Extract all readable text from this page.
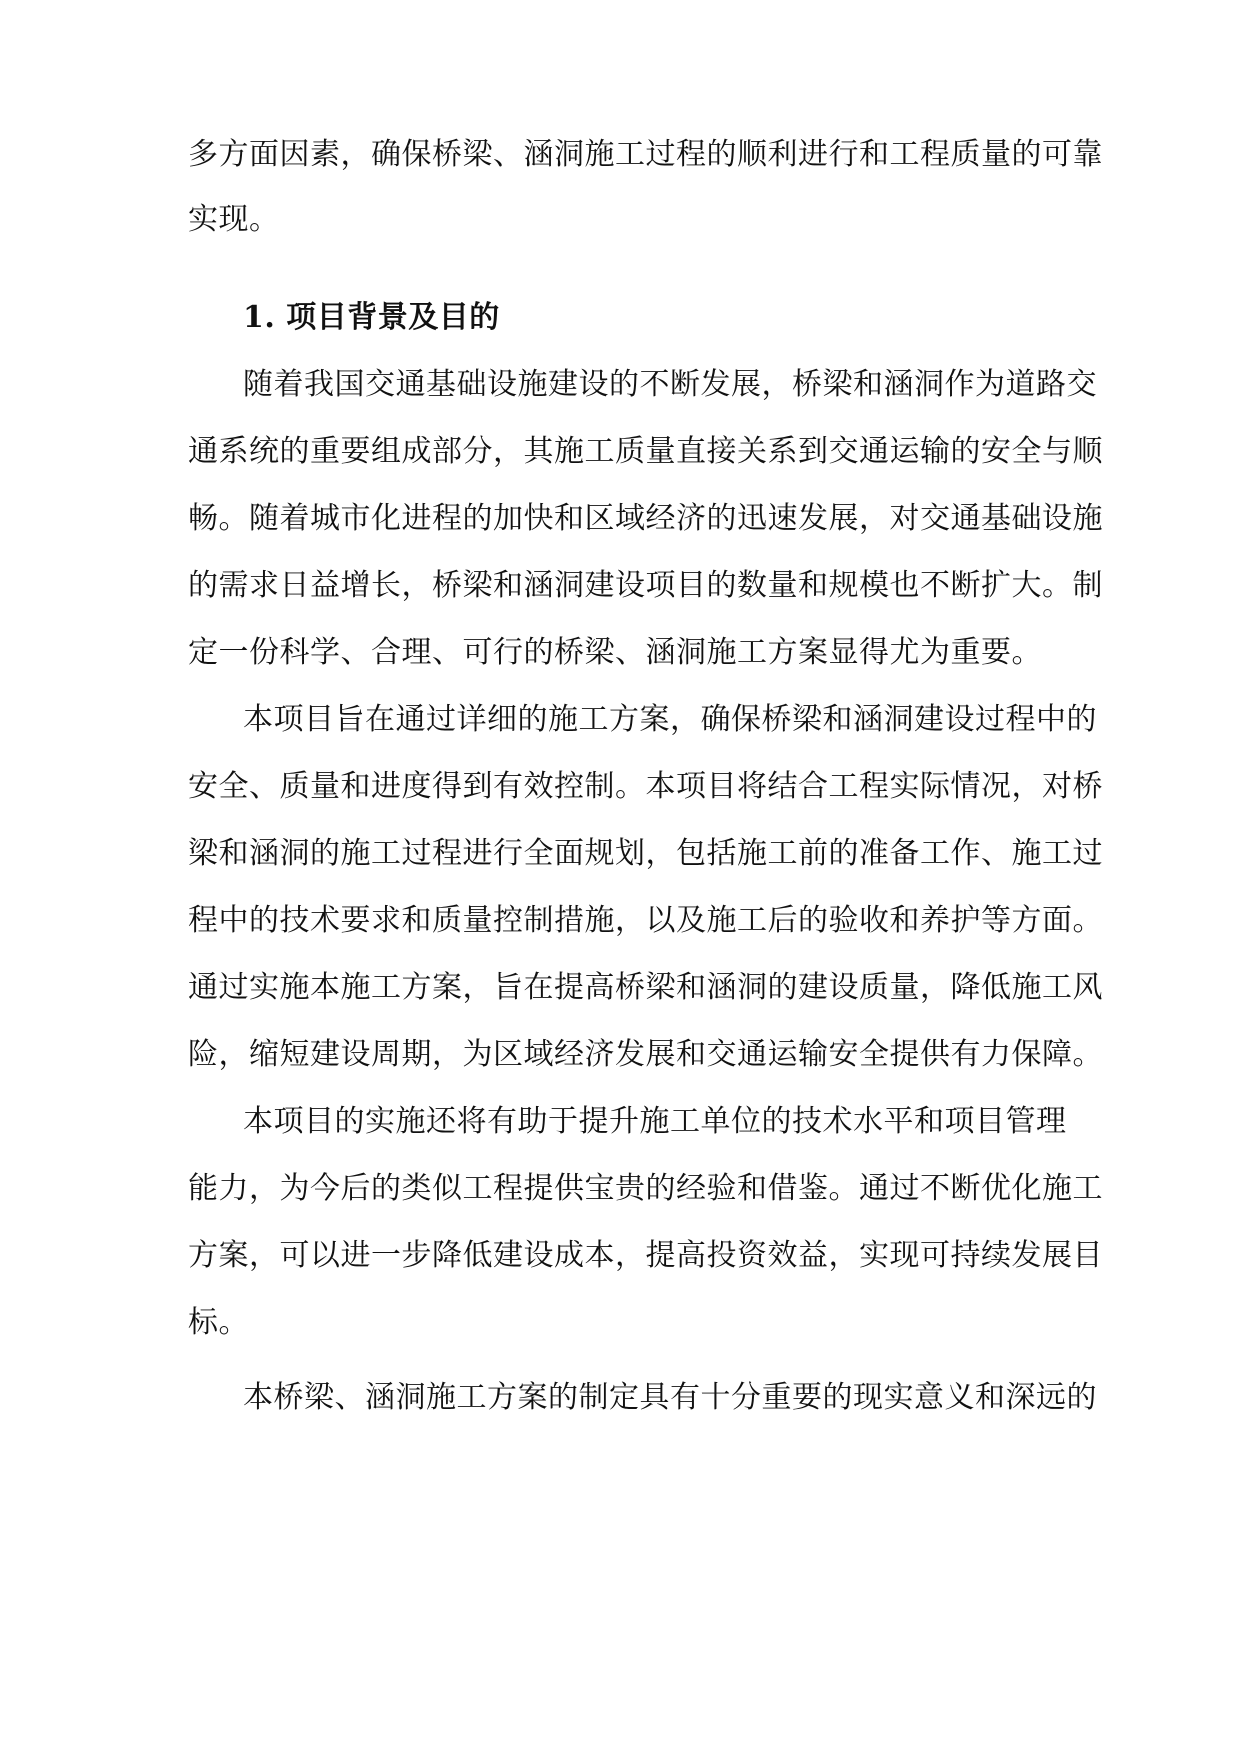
多方面因素，确保桥梁、涵洞施工过程的顺利进行和工程质量的可靠
实现。
1. 项目背景及目的
随着我国交通基础设施建设的不断发展，桥梁和涵洞作为道路交
通系统的重要组成部分，其施工质量直接关系到交通运输的安全与顺
畅。随着城市化进程的加快和区域经济的迅速发展，对交通基础设施
的需求日益增长，桥梁和涵洞建设项目的数量和规模也不断扩大。制
定一份科学、合理、可行的桥梁、涵洞施工方案显得尤为重要。
本项目旨在通过详细的施工方案，确保桥梁和涵洞建设过程中的
安全、质量和进度得到有效控制。本项目将结合工程实际情况，对桥
梁和涵洞的施工过程进行全面规划，包括施工前的准备工作、施工过
程中的技术要求和质量控制措施，以及施工后的验收和养护等方面。
通过实施本施工方案，旨在提高桥梁和涵洞的建设质量，降低施工风
险，缩短建设周期，为区域经济发展和交通运输安全提供有力保障。
本项目的实施还将有助于提升施工单位的技术水平和项目管理
能力，为今后的类似工程提供宝贵的经验和借鉴。通过不断优化施工
方案，可以进一步降低建设成本，提高投资效益，实现可持续发展目
标。
本桥梁、涵洞施工方案的制定具有十分重要的现实意义和深远的
